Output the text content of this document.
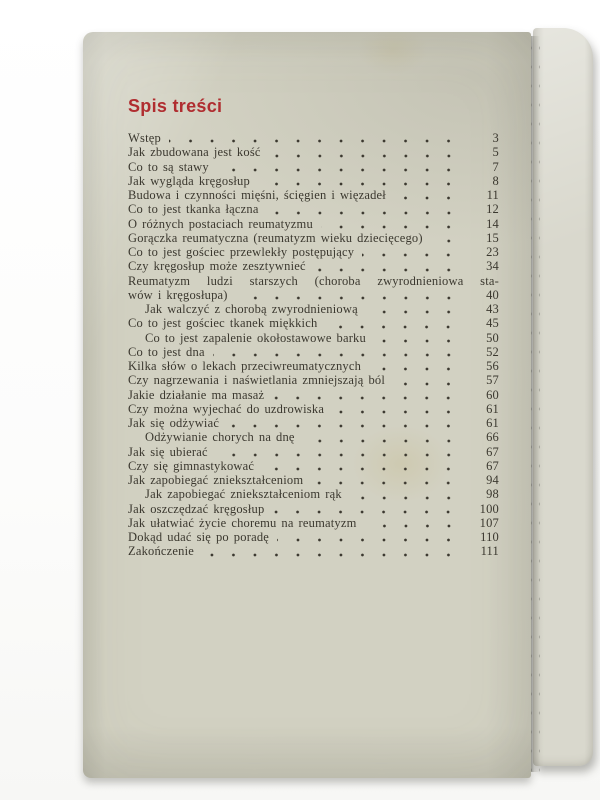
Spis treści
Wstęp	3
Jak zbudowana jest kość	5
Co to są stawy	7
Jak wygląda kręgosłup	8
Budowa i czynności mięśni, ścięgien i więzadeł	11
Co to jest tkanka łączna	12
O różnych postaciach reumatyzmu	14
Gorączka reumatyczna (reumatyzm wieku dziecięcego)	15
Co to jest gościec przewlekły postępujący	23
Czy kręgosłup może zesztywnieć	34
Reumatyzm ludzi starszych (choroba zwyrodnieniowa sta-
wów i kręgosłupa)	40
Jak walczyć z chorobą zwyrodnieniową	43
Co to jest gościec tkanek miękkich	45
Co to jest zapalenie okołostawowe barku	50
Co to jest dna	52
Kilka słów o lekach przeciwreumatycznych	56
Czy nagrzewania i naświetlania zmniejszają ból	57
Jakie działanie ma masaż	60
Czy można wyjechać do uzdrowiska	61
Jak się odżywiać	61
Odżywianie chorych na dnę	66
Jak się ubierać	67
Czy się gimnastykować	67
Jak zapobiegać zniekształceniom	94
Jak zapobiegać zniekształceniom rąk	98
Jak oszczędzać kręgosłup	100
Jak ułatwiać życie choremu na reumatyzm	107
Dokąd udać się po poradę	110
Zakończenie	111
